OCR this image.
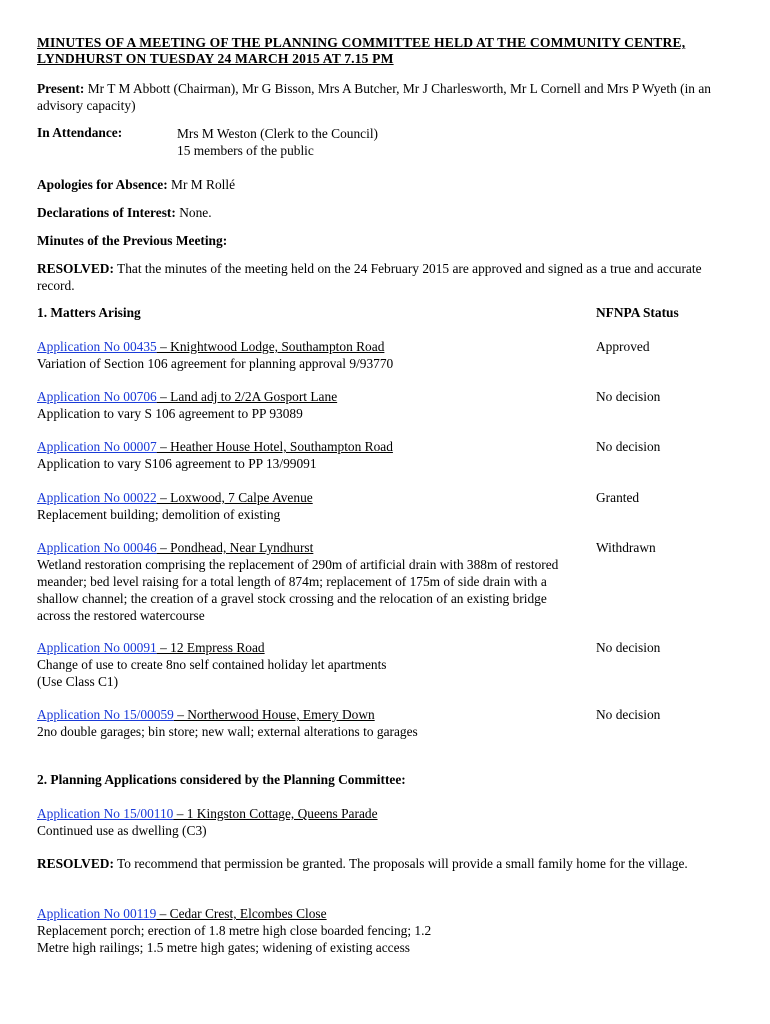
MINUTES OF A MEETING OF THE PLANNING COMMITTEE HELD AT THE COMMUNITY CENTRE, LYNDHURST ON TUESDAY 24 MARCH 2015 AT 7.15 PM
Present: Mr T M Abbott (Chairman), Mr G Bisson, Mrs A Butcher, Mr J Charlesworth, Mr L Cornell and Mrs P Wyeth (in an advisory capacity)
In Attendance:	Mrs M Weston (Clerk to the Council)
15 members of the public
Apologies for Absence: Mr M Rollé
Declarations of Interest: None.
Minutes of the Previous Meeting:
RESOLVED: That the minutes of the meeting held on the 24 February 2015 are approved and signed as a true and accurate record.
1. Matters Arising	NFNPA Status
Application No 00435 – Knightwood Lodge, Southampton Road
Variation of Section 106 agreement for planning approval 9/93770
Approved
Application No 00706 – Land adj to 2/2A Gosport Lane
Application to vary S 106 agreement to PP 93089
No decision
Application No 00007 – Heather House Hotel, Southampton Road
Application to vary S106 agreement to PP 13/99091
No decision
Application No 00022 – Loxwood, 7 Calpe Avenue
Replacement building; demolition of existing
Granted
Application No 00046 – Pondhead, Near Lyndhurst
Wetland restoration comprising the replacement of 290m of artificial drain with 388m of restored meander; bed level raising for a total length of 874m; replacement of 175m of side drain with a shallow channel; the creation of a gravel stock crossing and the relocation of an existing bridge across the restored watercourse
Withdrawn
Application No 00091 – 12 Empress Road
Change of use to create 8no self contained holiday let apartments
(Use Class C1)
No decision
Application No 15/00059 – Northerwood House, Emery Down
2no double garages; bin store; new wall; external alterations to garages
No decision
2. Planning Applications considered by the Planning Committee:
Application No 15/00110 – 1 Kingston Cottage, Queens Parade
Continued use as dwelling (C3)
RESOLVED: To recommend that permission be granted. The proposals will provide a small family home for the village.
Application No 00119 – Cedar Crest, Elcombes Close
Replacement porch; erection of 1.8 metre high close boarded fencing; 1.2
Metre high railings; 1.5 metre high gates; widening of existing access
